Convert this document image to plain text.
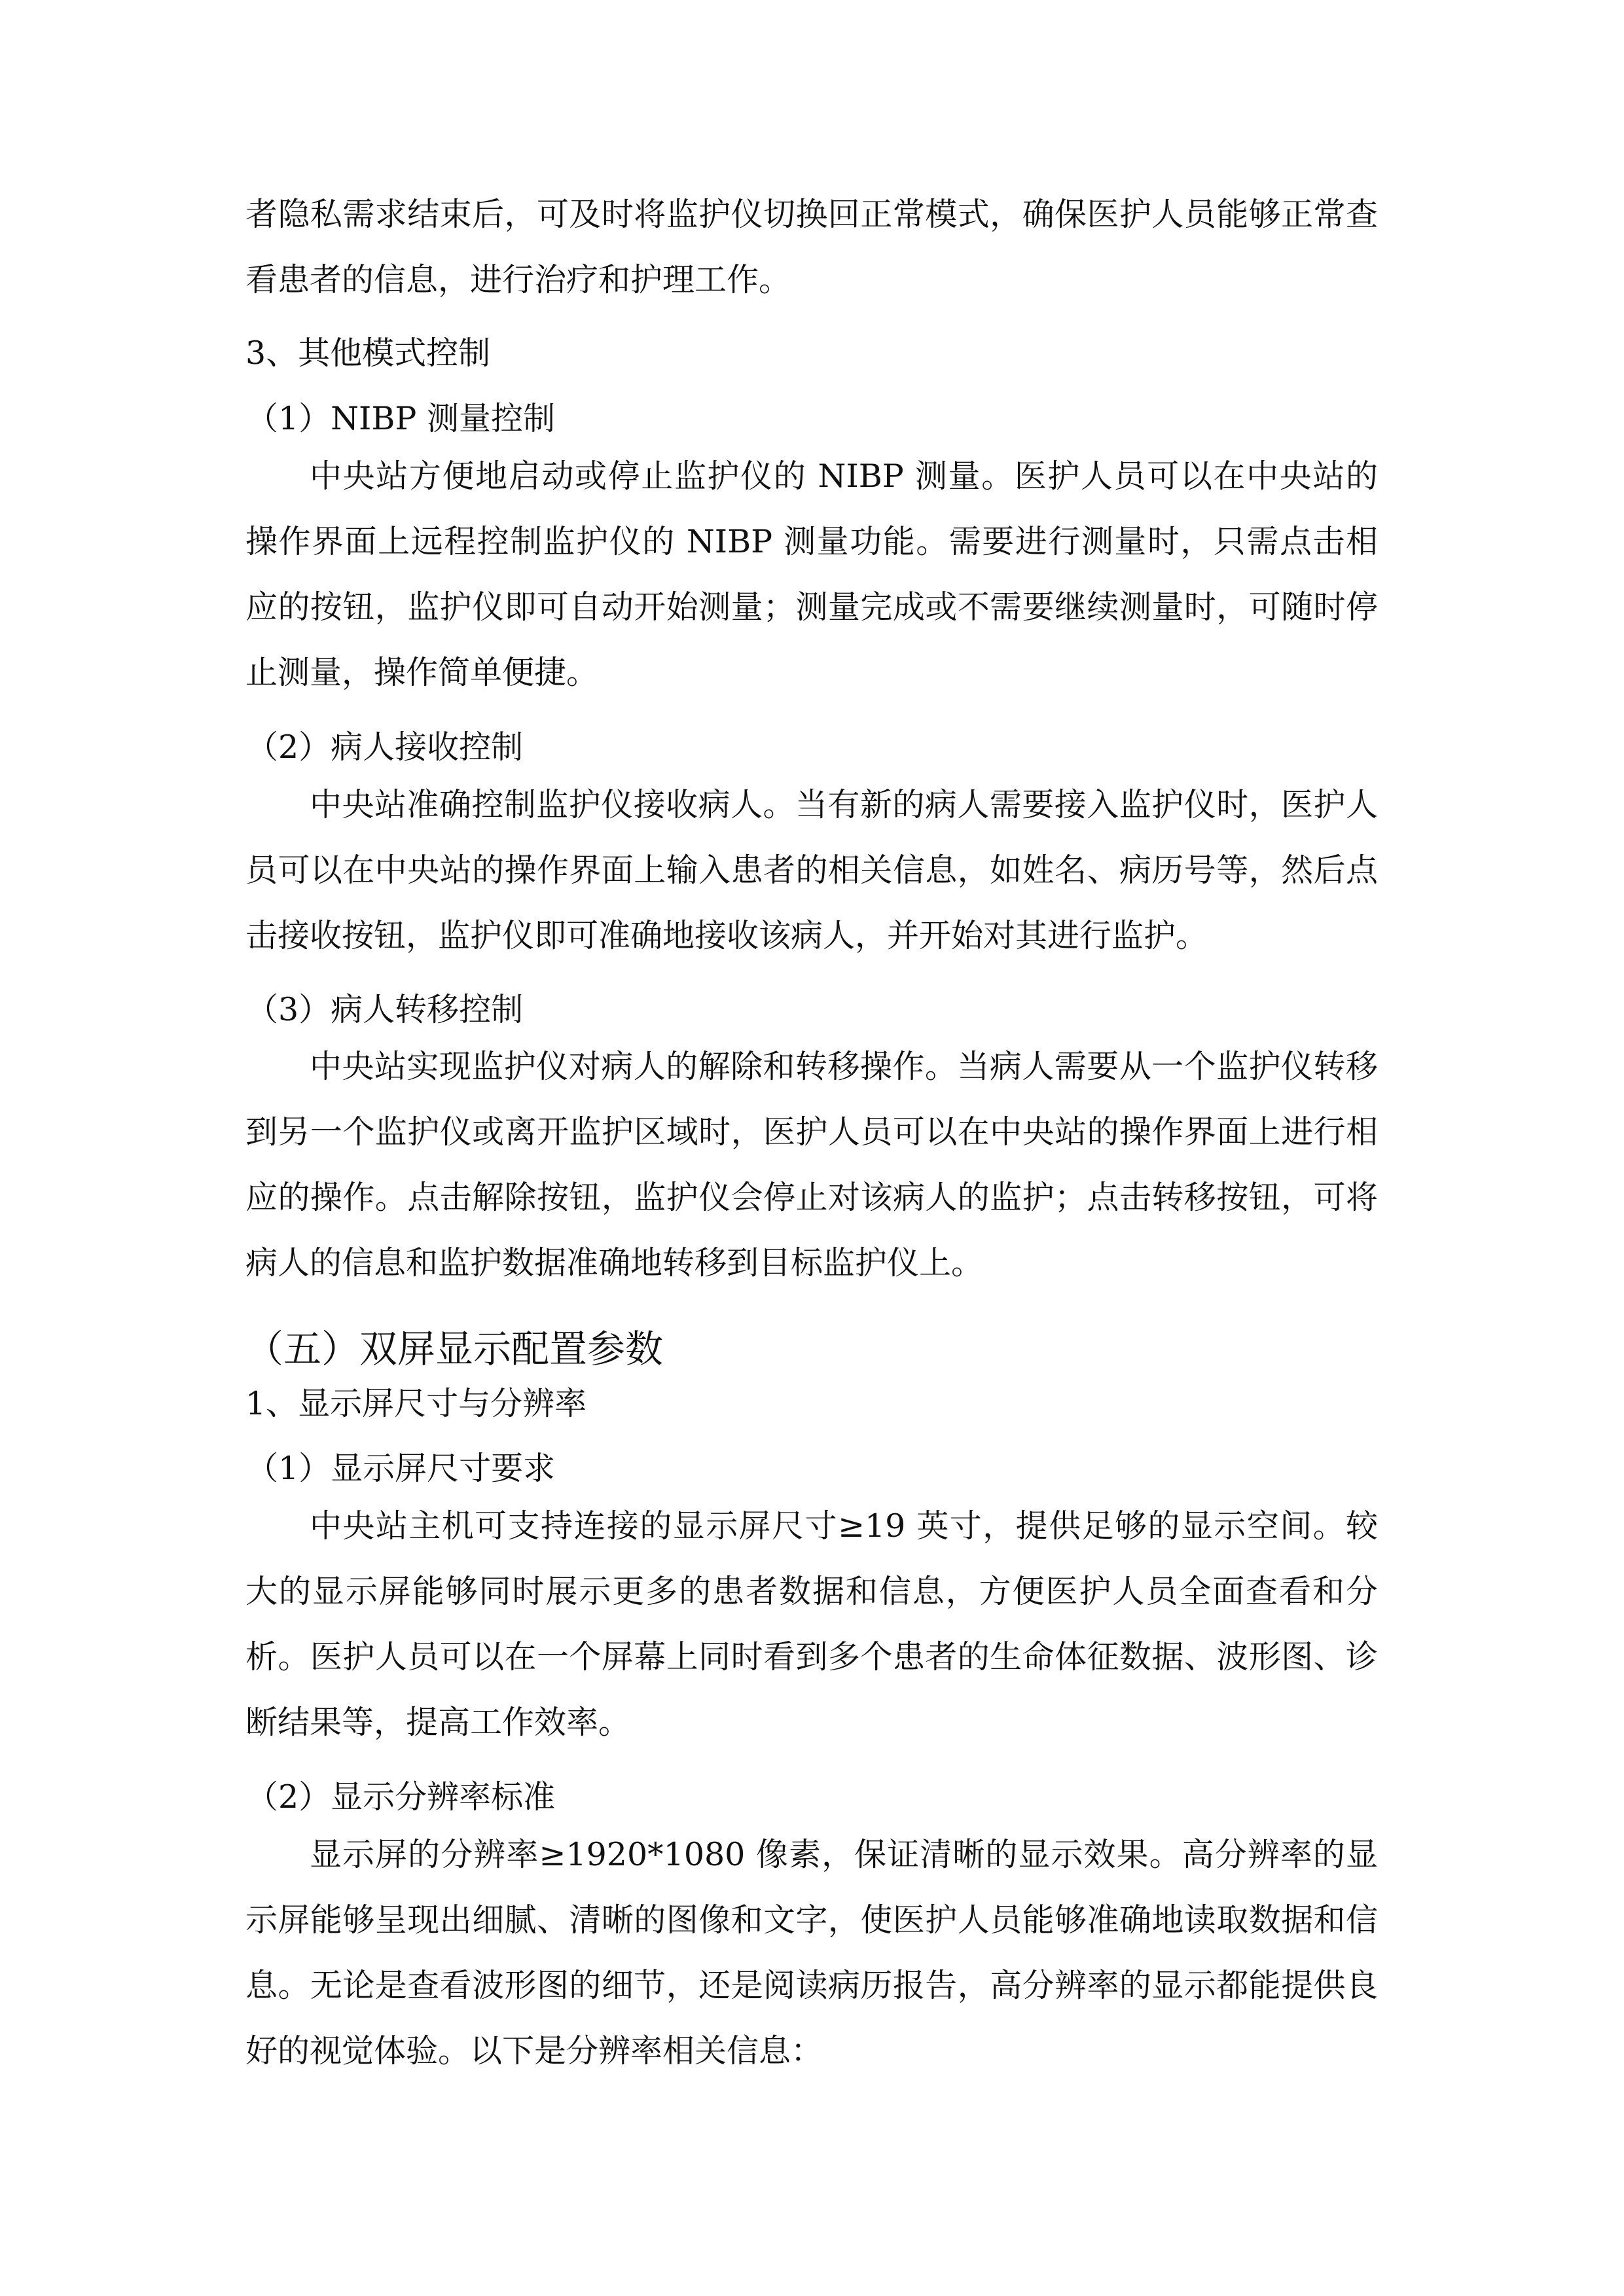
者隐私需求结束后，可及时将监护仪切换回正常模式，确保医护人员能够正常查看患者的信息，进行治疗和护理工作。

3、其他模式控制
（1）NIBP 测量控制

中央站方便地启动或停止监护仪的 NIBP 测量。医护人员可以在中央站的操作界面上远程控制监护仪的 NIBP 测量功能。需要进行测量时，只需点击相应的按钮，监护仪即可自动开始测量；测量完成或不需要继续测量时，可随时停止测量，操作简单便捷。

（2）病人接收控制

中央站准确控制监护仪接收病人。当有新的病人需要接入监护仪时，医护人员可以在中央站的操作界面上输入患者的相关信息，如姓名、病历号等，然后点击接收按钮，监护仪即可准确地接收该病人，并开始对其进行监护。

（3）病人转移控制

中央站实现监护仪对病人的解除和转移操作。当病人需要从一个监护仪转移到另一个监护仪或离开监护区域时，医护人员可以在中央站的操作界面上进行相应的操作。点击解除按钮，监护仪会停止对该病人的监护；点击转移按钮，可将病人的信息和监护数据准确地转移到目标监护仪上。

（五）双屏显示配置参数
1、显示屏尺寸与分辨率
（1）显示屏尺寸要求

中央站主机可支持连接的显示屏尺寸≥19 英寸，提供足够的显示空间。较大的显示屏能够同时展示更多的患者数据和信息，方便医护人员全面查看和分析。医护人员可以在一个屏幕上同时看到多个患者的生命体征数据、波形图、诊断结果等，提高工作效率。

（2）显示分辨率标准

显示屏的分辨率≥1920*1080 像素，保证清晰的显示效果。高分辨率的显示屏能够呈现出细腻、清晰的图像和文字，使医护人员能够准确地读取数据和信息。无论是查看波形图的细节，还是阅读病历报告，高分辨率的显示都能提供良好的视觉体验。以下是分辨率相关信息：
